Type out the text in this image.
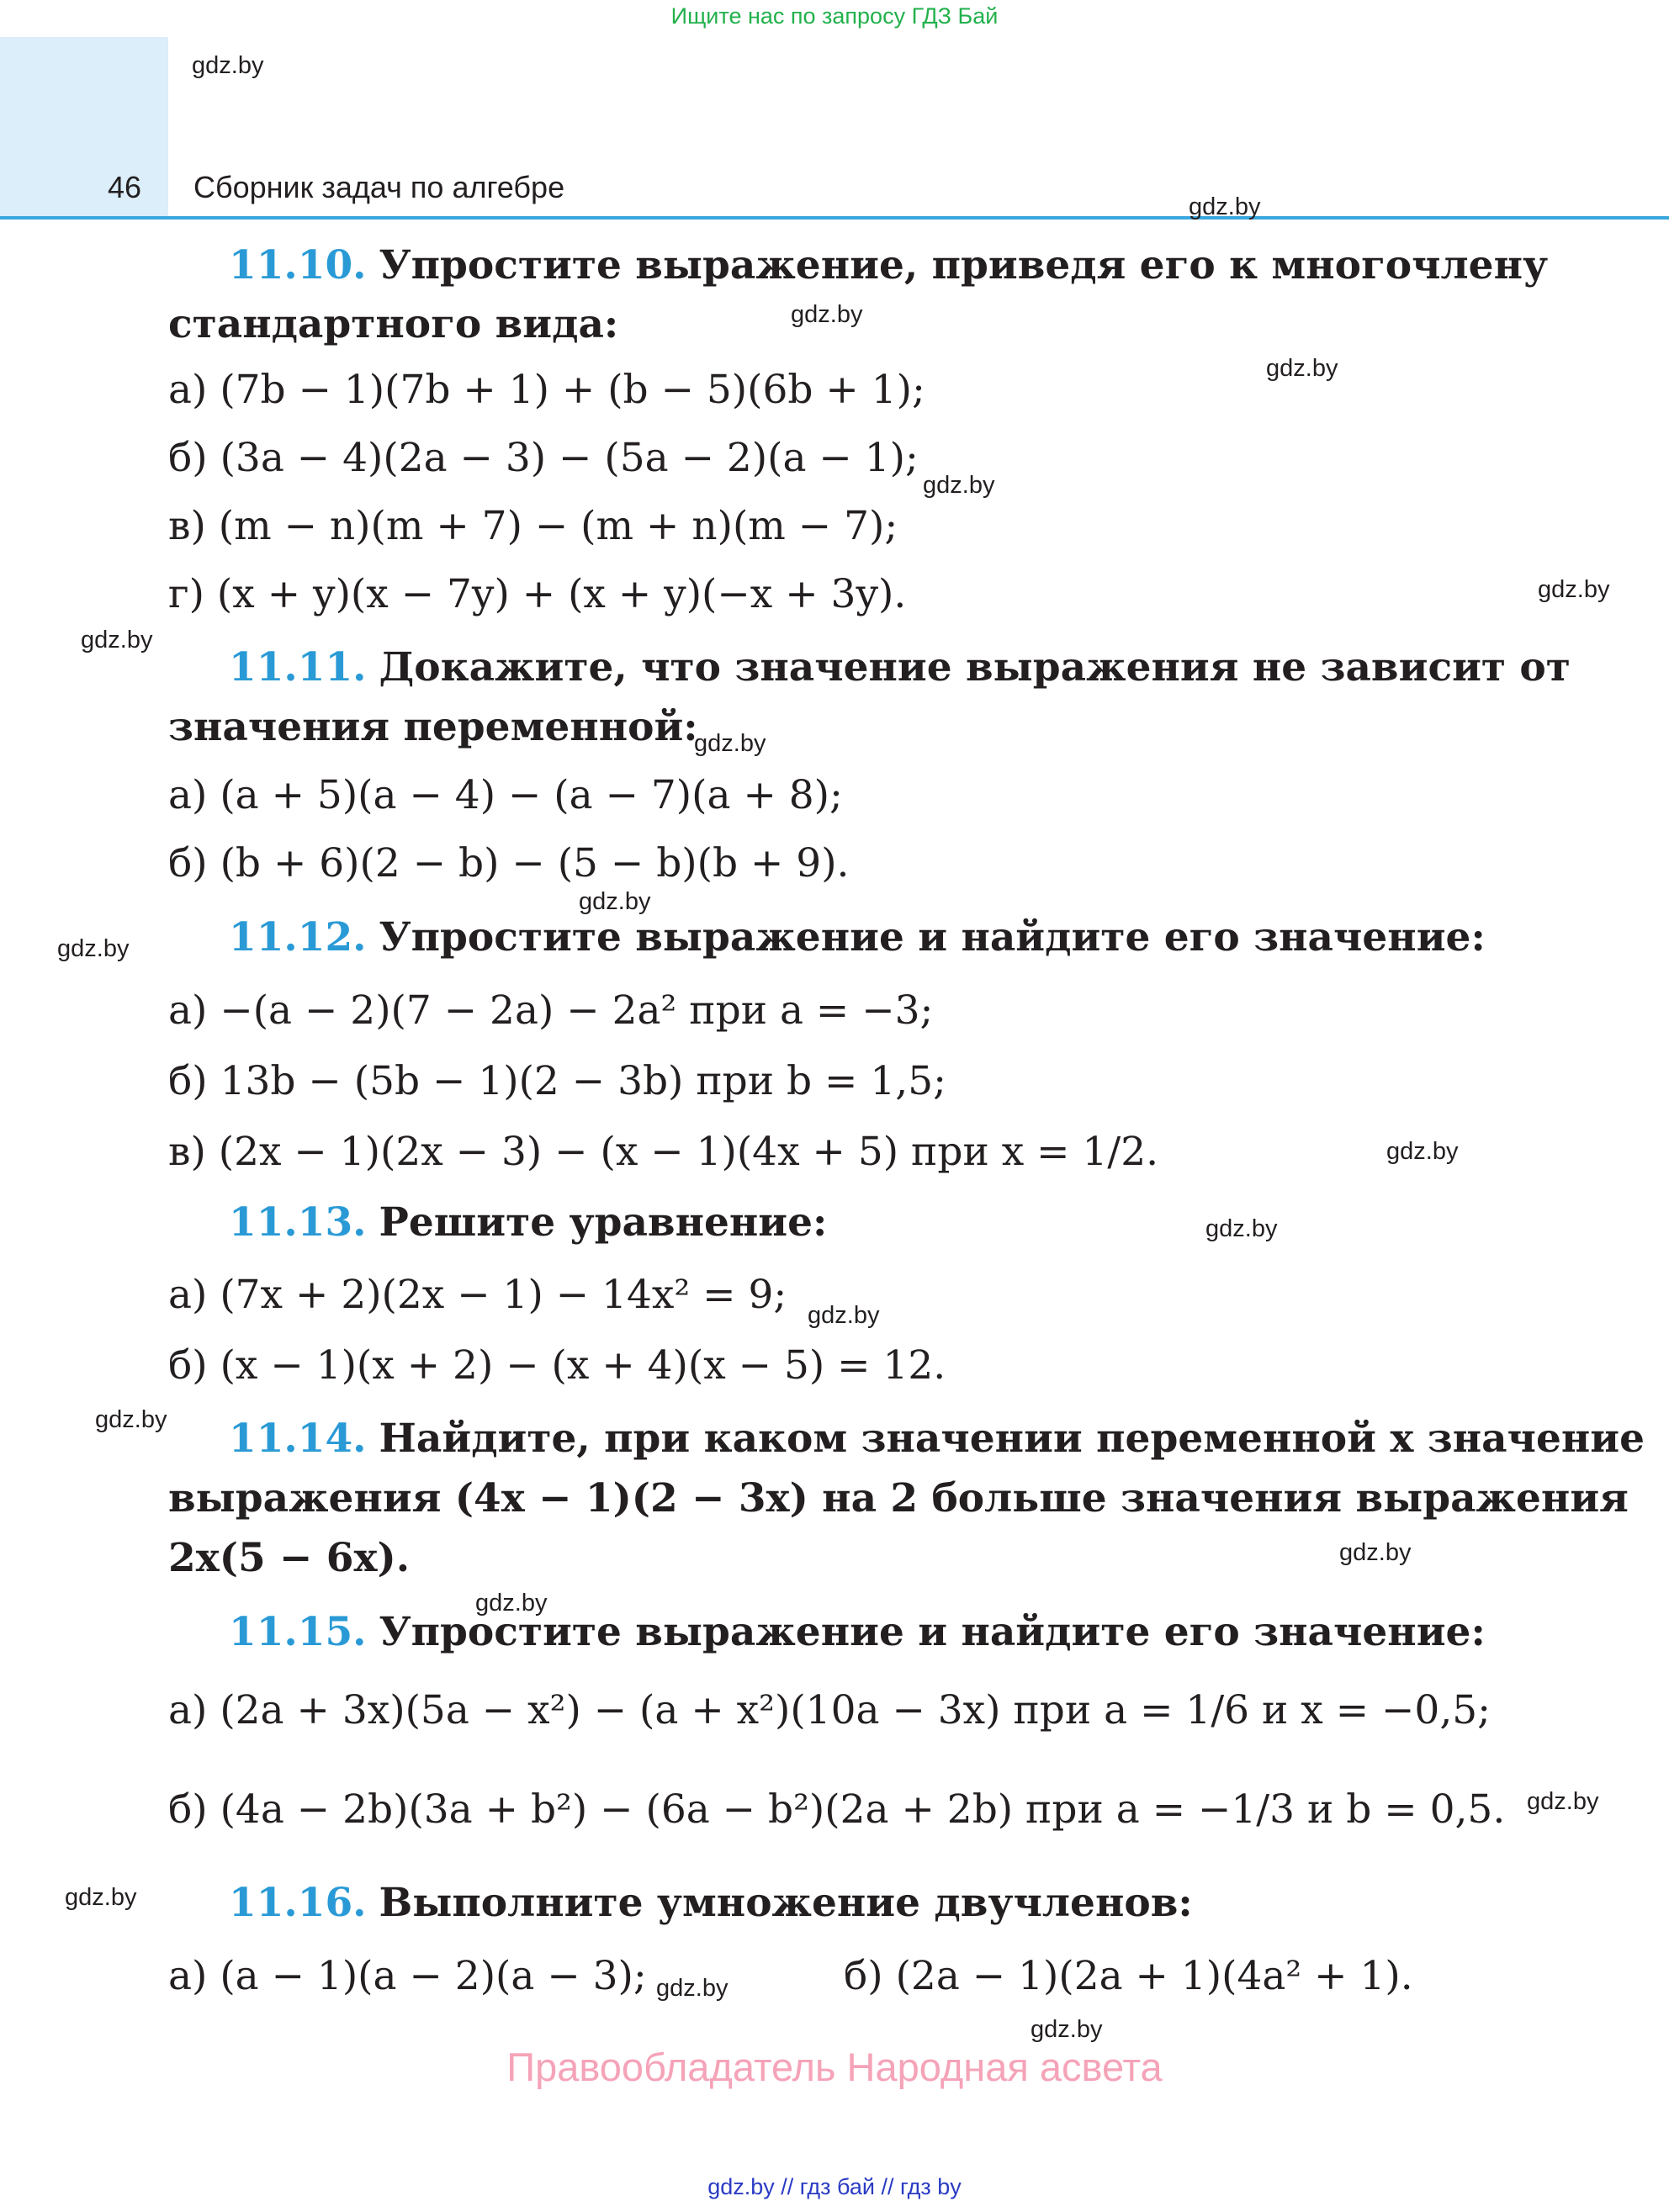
Ищите нас по запросу ГДЗ Бай
46 Сборник задач по алгебре
gdz.by
gdz.by
gdz.by
gdz.by
gdz.by
gdz.by
gdz.by
gdz.by
gdz.by
gdz.by
gdz.by
gdz.by
gdz.by
gdz.by
gdz.by
gdz.by
gdz.by
gdz.by
gdz.by
gdz.by
11.10. Упростите выражение, приведя его к многочлену
стандартного вида:
а) (7b − 1)(7b + 1) + (b − 5)(6b + 1);
б) (3a − 4)(2a − 3) − (5a − 2)(a − 1);
в) (m − n)(m + 7) − (m + n)(m − 7);
г) (x + y)(x − 7y) + (x + y)(−x + 3y).
11.11. Докажите, что значение выражения не зависит от
значения переменной:
а) (a + 5)(a − 4) − (a − 7)(a + 8);
б) (b + 6)(2 − b) − (5 − b)(b + 9).
11.12. Упростите выражение и найдите его значение:
а) −(a − 2)(7 − 2a) − 2a² при a = −3;
б) 13b − (5b − 1)(2 − 3b) при b = 1,5;
в) (2x − 1)(2x − 3) − (x − 1)(4x + 5) при x = 1/2.
11.13. Решите уравнение:
а) (7x + 2)(2x − 1) − 14x² = 9;
б) (x − 1)(x + 2) − (x + 4)(x − 5) = 12.
11.14. Найдите, при каком значении переменной x значение
выражения (4x − 1)(2 − 3x) на 2 больше значения выражения
2x(5 − 6x).
11.15. Упростите выражение и найдите его значение:
а) (2a + 3x)(5a − x²) − (a + x²)(10a − 3x) при a = 1/6 и x = −0,5;
б) (4a − 2b)(3a + b²) − (6a − b²)(2a + 2b) при a = −1/3 и b = 0,5.
11.16. Выполните умножение двучленов:
а) (a − 1)(a − 2)(a − 3);	б) (2a − 1)(2a + 1)(4a² + 1).
Правообладатель Народная асвета
gdz.by // гдз бай // гдз by
